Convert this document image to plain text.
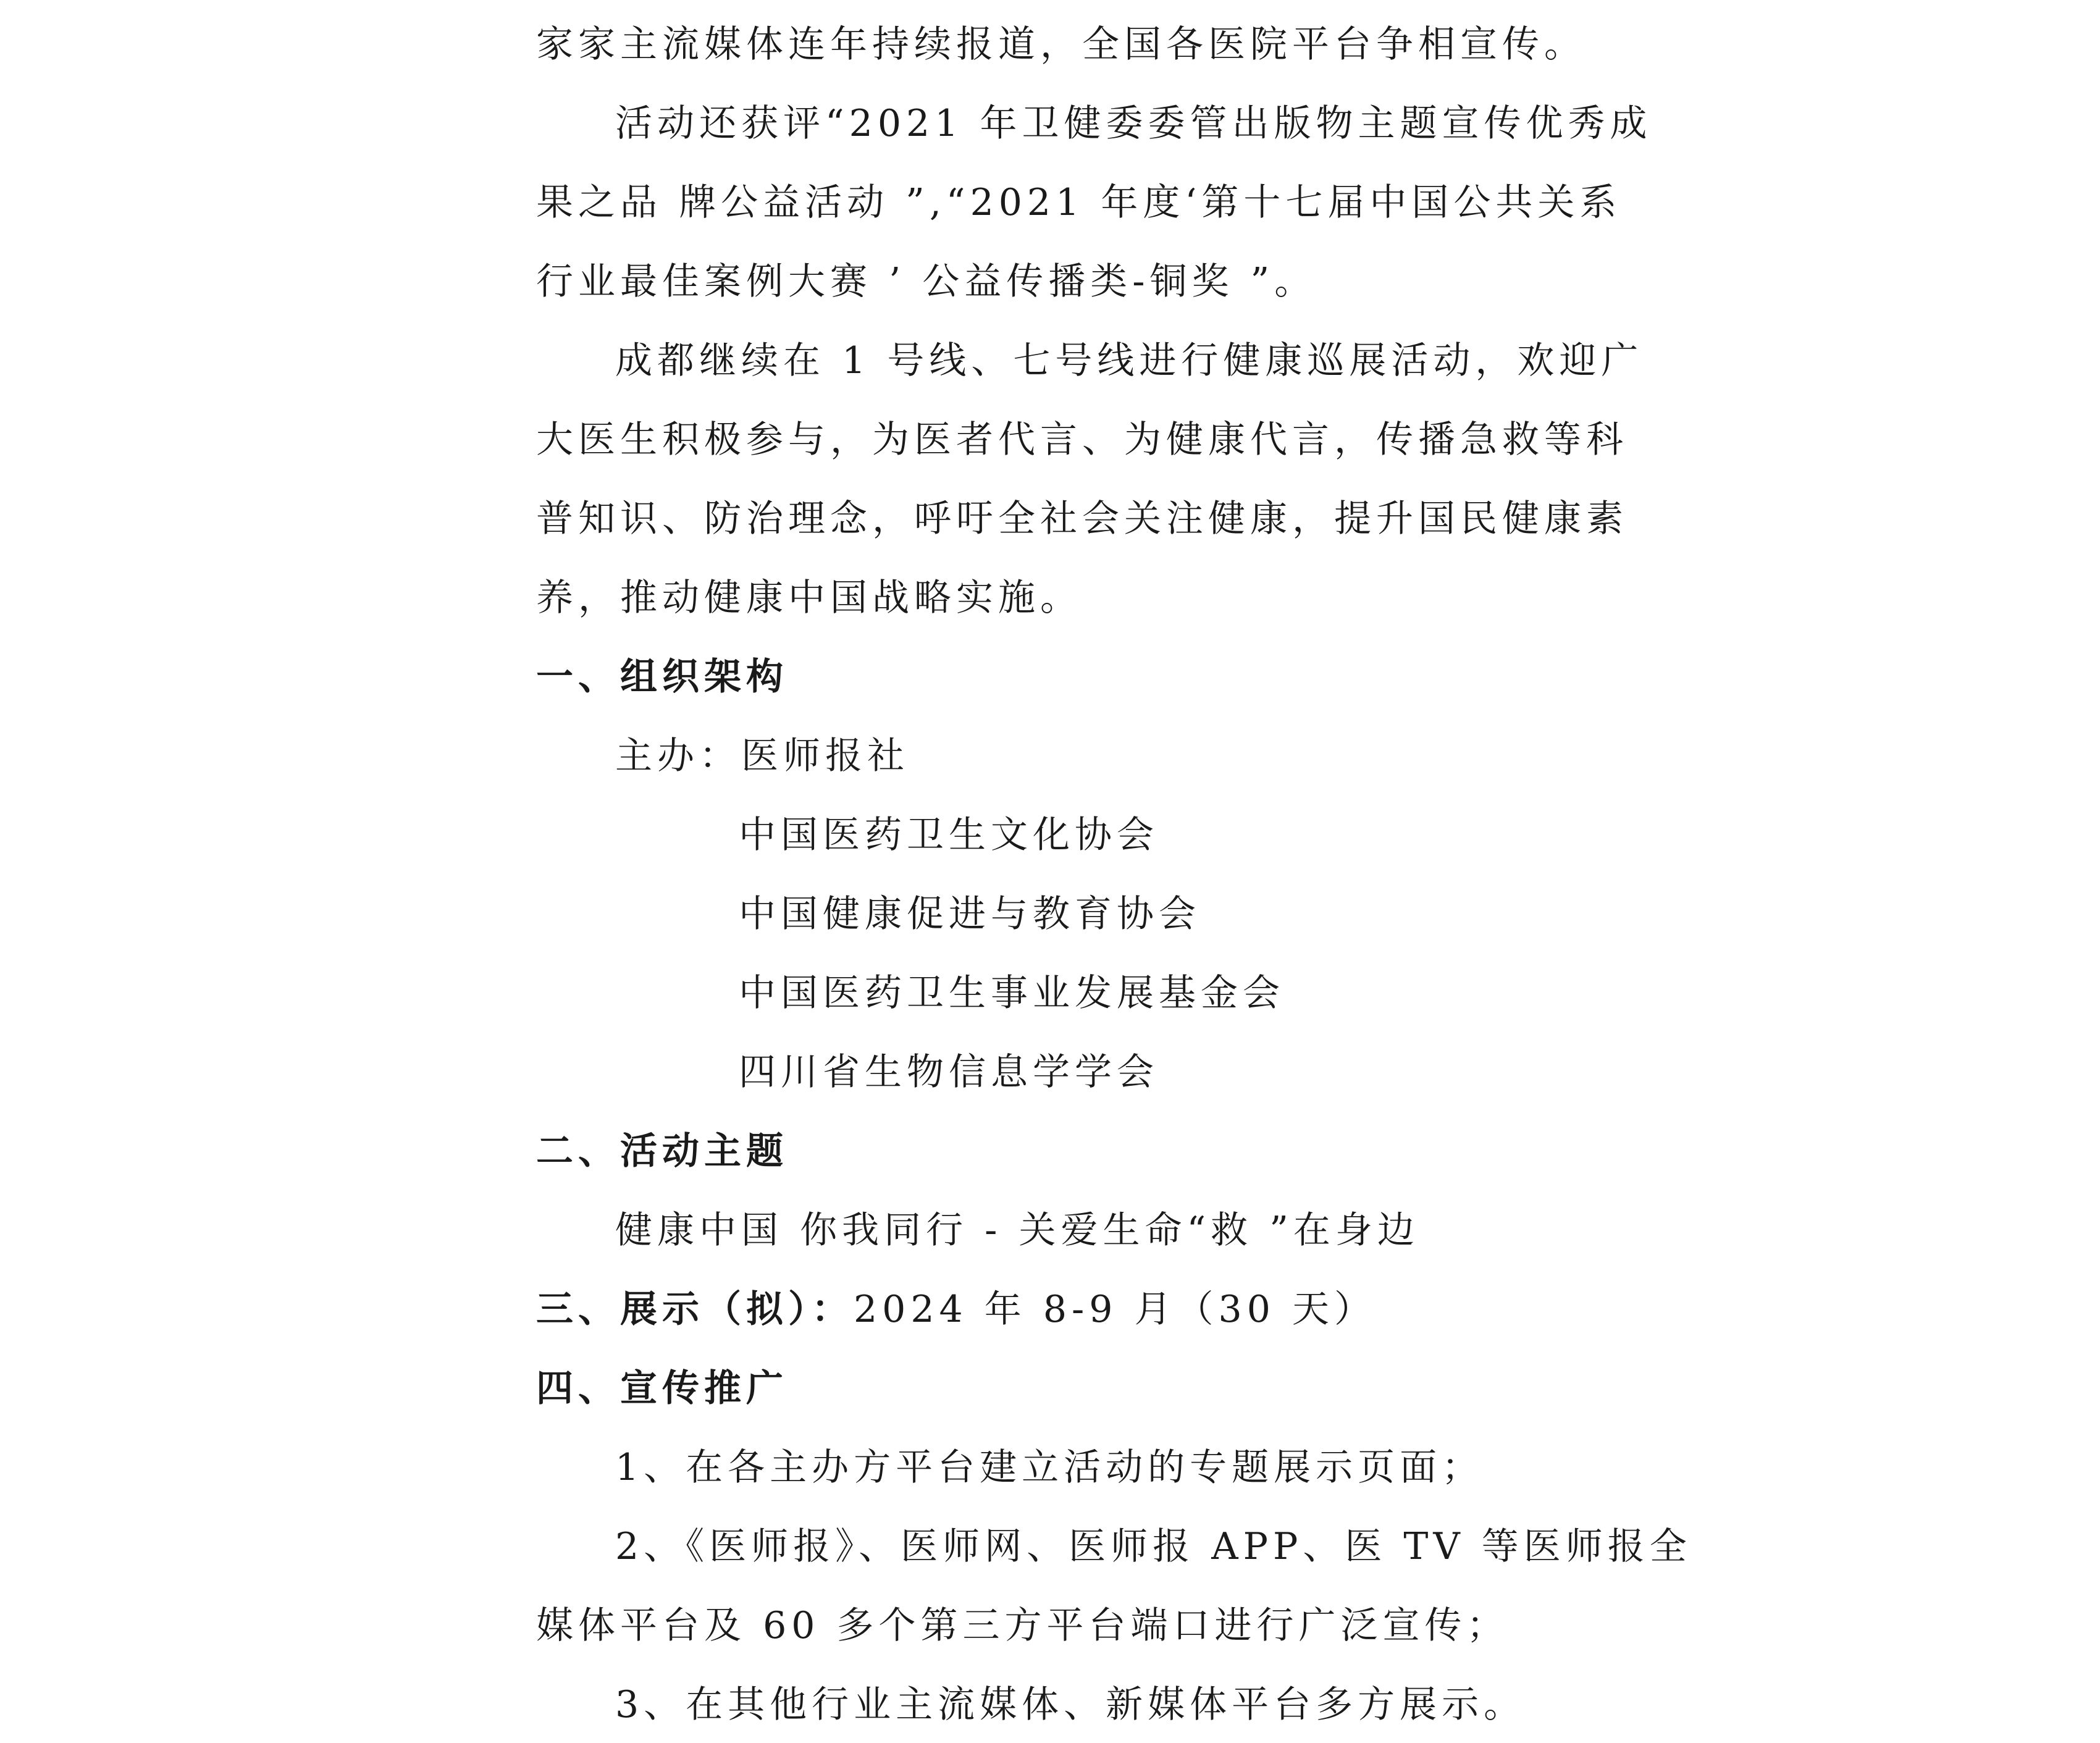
家家主流媒体连年持续报道，全国各医院平台争相宣传。
活动还获评“2021 年卫健委委管出版物主题宣传优秀成
果之品 牌公益活动 ”,“2021 年度‘第十七届中国公共关系
行业最佳案例大赛 ’ 公益传播类-铜奖 ”。
成都继续在 1 号线、七号线进行健康巡展活动，欢迎广
大医生积极参与，为医者代言、为健康代言，传播急救等科
普知识、防治理念，呼吁全社会关注健康，提升国民健康素
养，推动健康中国战略实施。
一、组织架构
主办：医师报社
中国医药卫生文化协会
中国健康促进与教育协会
中国医药卫生事业发展基金会
四川省生物信息学学会
二、活动主题
健康中国 你我同行 - 关爱生命“救 ”在身边
三、展示（拟）：2024 年 8-9 月（30 天）
四、宣传推广
1、在各主办方平台建立活动的专题展示页面；
2、《医师报》、医师网、医师报 APP、医 TV 等医师报全
媒体平台及 60 多个第三方平台端口进行广泛宣传；
3、在其他行业主流媒体、新媒体平台多方展示。
